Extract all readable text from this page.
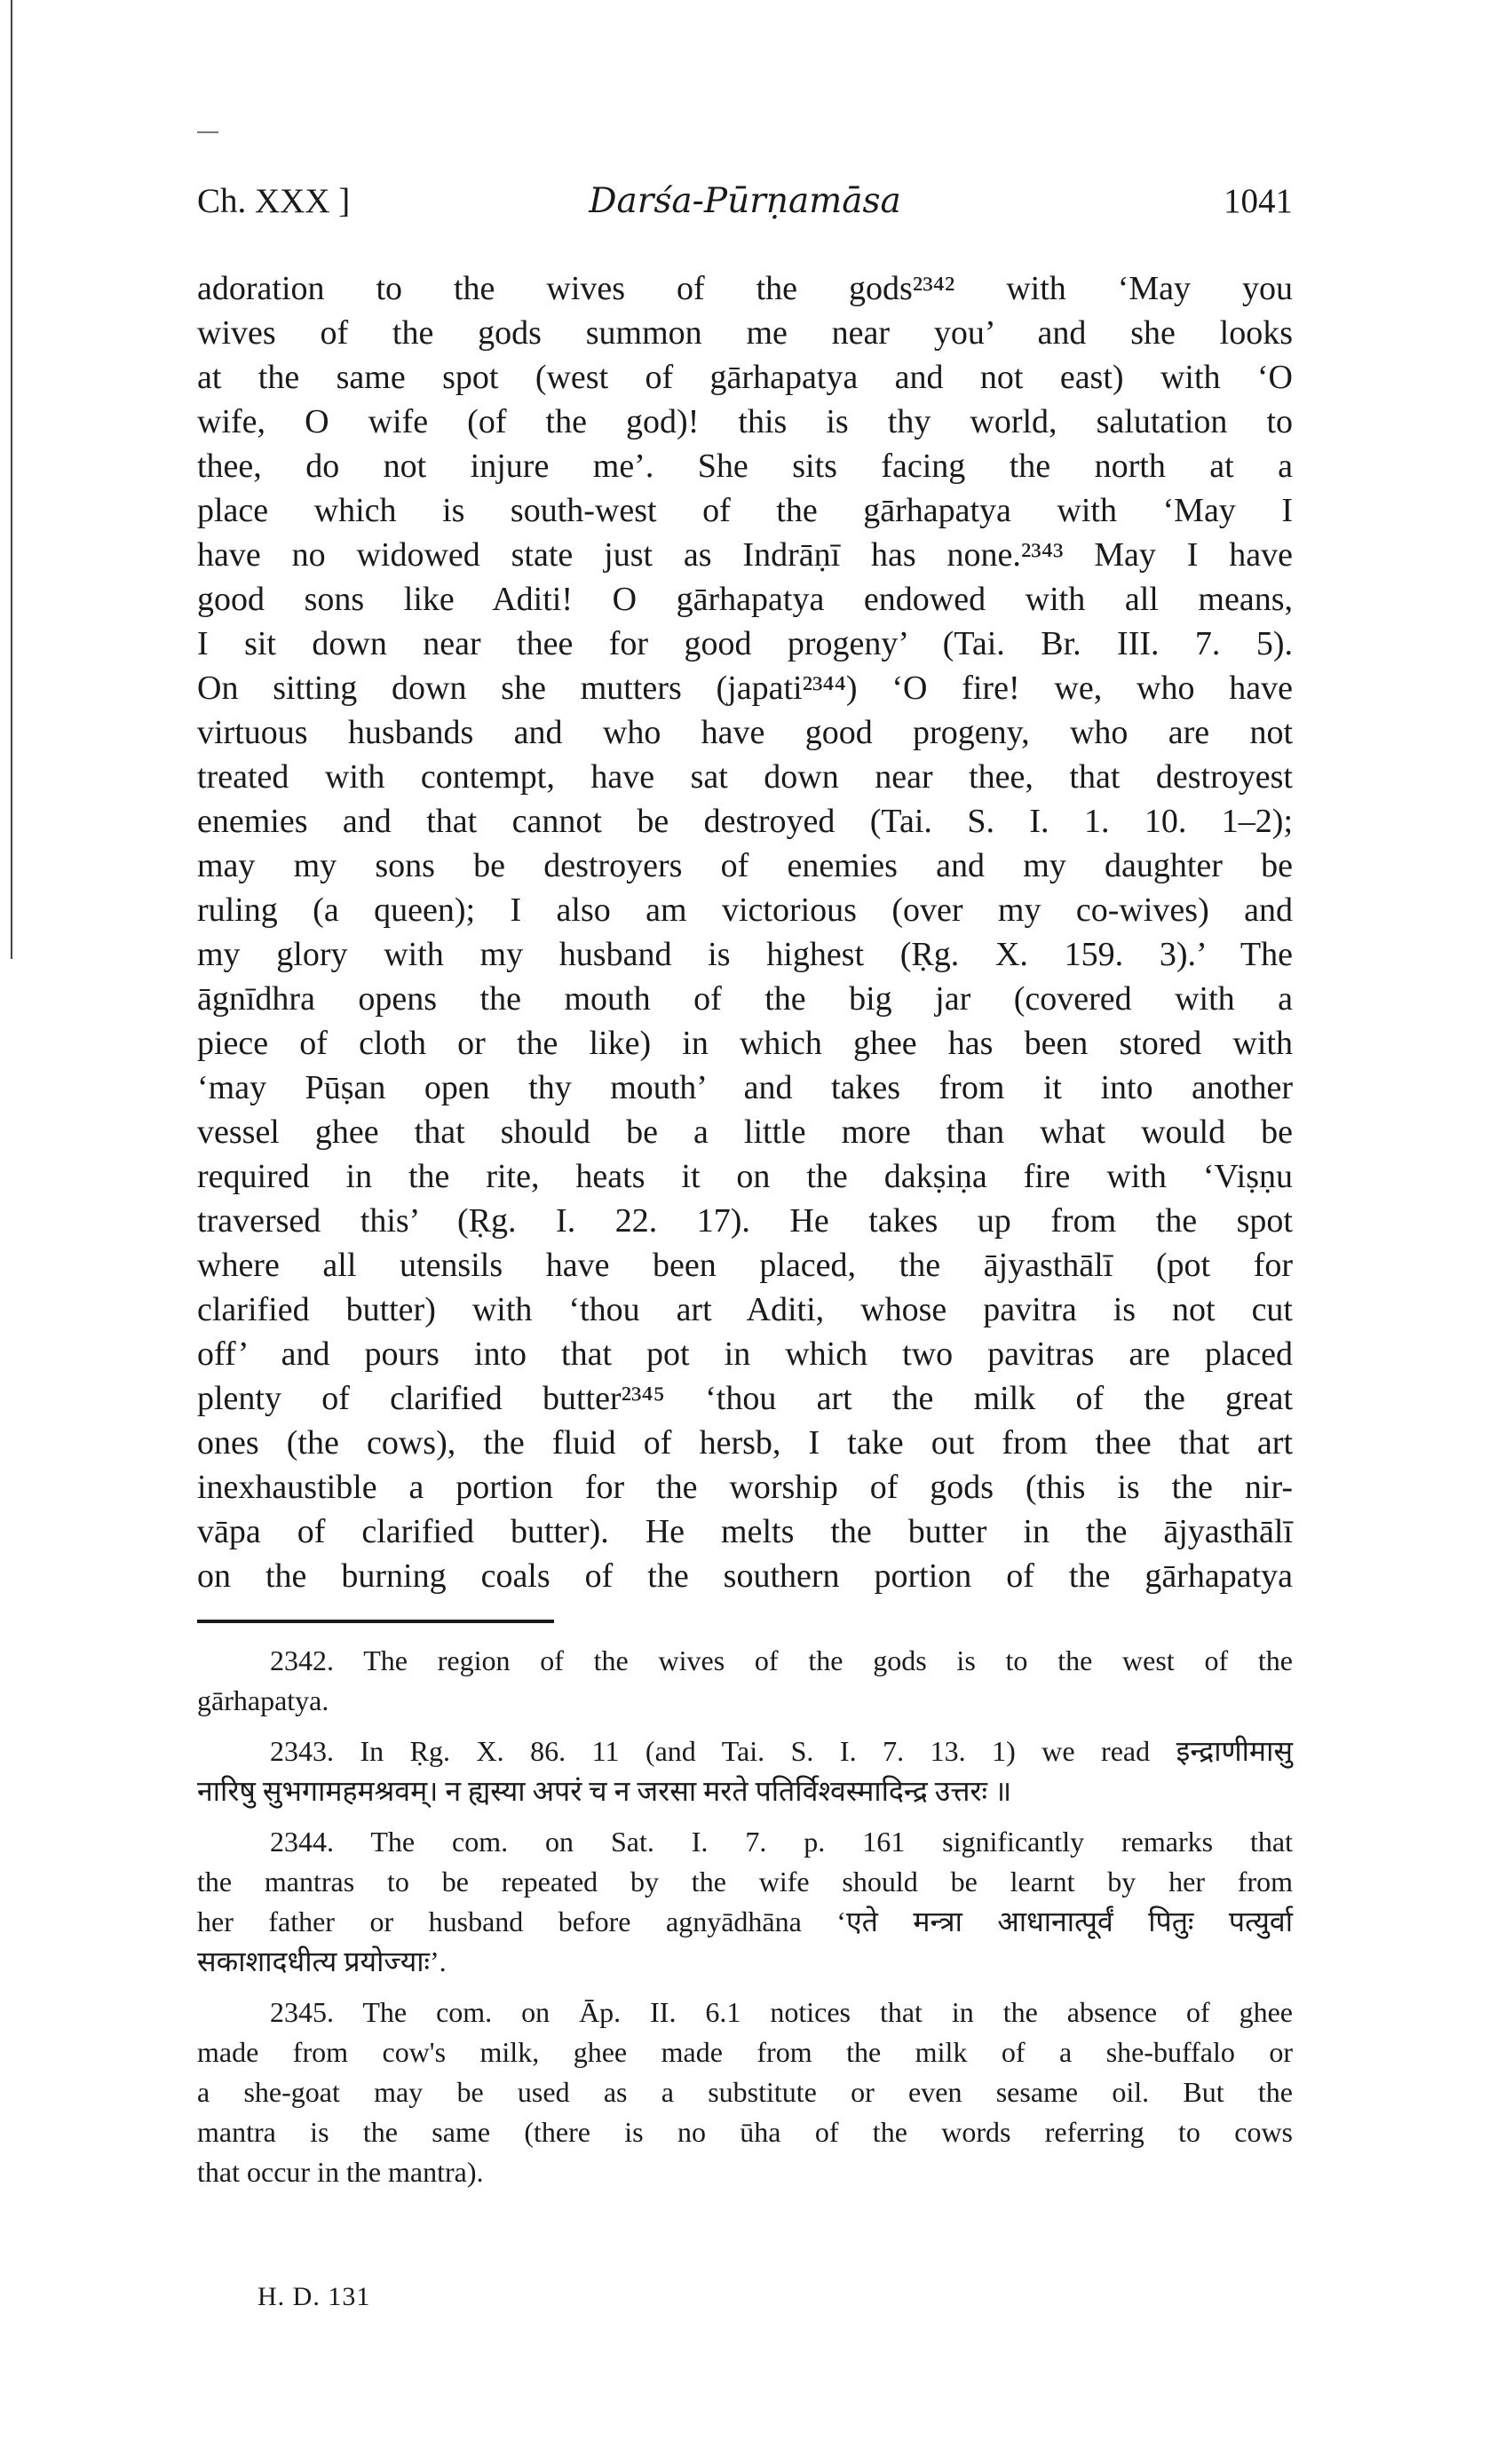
Ch. XXX ]	Darśa-Pūrṇamāsa	1041
adoration to the wives of the gods²³⁴² with ‘May you
wives of the gods summon me near you’ and she looks
at the same spot (west of gārhapatya and not east) with ‘O
wife, O wife (of the god)! this is thy world, salutation to
thee, do not injure me’. She sits facing the north at a
place which is south-west of the gārhapatya with ‘May I
have no widowed state just as Indrāṇī has none.²³⁴³ May I have
good sons like Aditi! O gārhapatya endowed with all means,
I sit down near thee for good progeny’ (Tai. Br. III. 7. 5).
On sitting down she mutters (japati²³⁴⁴) ‘O fire! we, who have
virtuous husbands and who have good progeny, who are not
treated with contempt, have sat down near thee, that destroyest
enemies and that cannot be destroyed (Tai. S. I. 1. 10. 1–2);
may my sons be destroyers of enemies and my daughter be
ruling (a queen); I also am victorious (over my co-wives) and
my glory with my husband is highest (Ṛg. X. 159. 3).’ The
āgnīdhra opens the mouth of the big jar (covered with a
piece of cloth or the like) in which ghee has been stored with
‘may Pūṣan open thy mouth’ and takes from it into another
vessel ghee that should be a little more than what would be
required in the rite, heats it on the dakṣiṇa fire with ‘Viṣṇu
traversed this’ (Ṛg. I. 22. 17). He takes up from the spot
where all utensils have been placed, the ājyasthālī (pot for
clarified butter) with ‘thou art Aditi, whose pavitra is not cut
off’ and pours into that pot in which two pavitras are placed
plenty of clarified butter²³⁴⁵ ‘thou art the milk of the great
ones (the cows), the fluid of hersb, I take out from thee that art
inexhaustible a portion for the worship of gods (this is the nir-
vāpa of clarified butter). He melts the butter in the ājyasthālī
on the burning coals of the southern portion of the gārhapatya
2342. The region of the wives of the gods is to the west of the
gārhapatya.
2343. In Ṛg. X. 86. 11 (and Tai. S. I. 7. 13. 1) we read इन्द्राणीमासु
नारिषु सुभगामहमश्रवम्। न ह्यस्या अपरं च न जरसा मरते पतिर्विश्वस्मादिन्द्र उत्तरः ॥
2344. The com. on Sat. I. 7. p. 161 significantly remarks that
the mantras to be repeated by the wife should be learnt by her from
her father or husband before agnyādhāna ‘एते मन्त्रा आधानात्पूर्वं पितुः पत्युर्वा
सकाशादधीत्य प्रयोज्याः’.
2345. The com. on Āp. II. 6.1 notices that in the absence of ghee
made from cow's milk, ghee made from the milk of a she-buffalo or
a she-goat may be used as a substitute or even sesame oil. But the
mantra is the same (there is no ūha of the words referring to cows
that occur in the mantra).
H. D. 131
